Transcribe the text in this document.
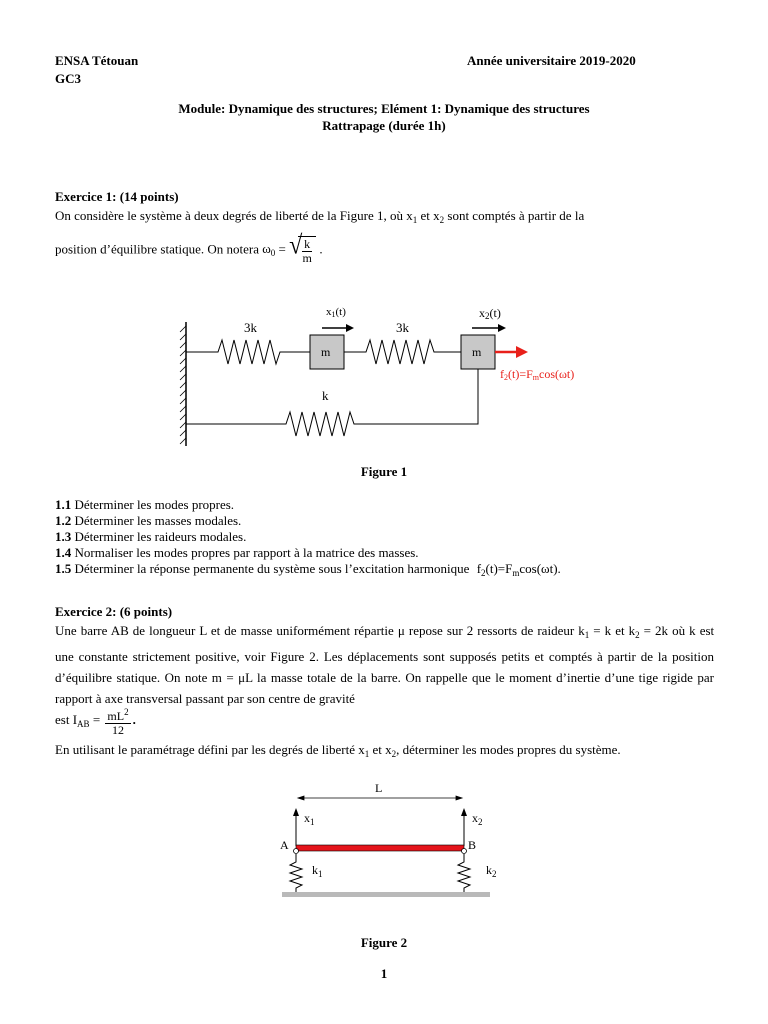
ENSA Tétouan
GC3
Année universitaire 2019-2020
Module: Dynamique des structures; Elément 1: Dynamique des structures
Rattrapage (durée 1h)
Exercice 1: (14 points)
On considère le système à deux degrés de liberté de la Figure 1, où $x_1$ et $x_2$ sont comptés à partir de la
position d’équilibre statique. On notera $\omega_0$ = √ $\frac{k}{m}$ .
3k	3k
m	m
k
x1(t)	x2(t)
f2(t)=Fmcos(ωt)
Figure 1
1.1 Déterminer les modes propres.
1.2 Déterminer les masses modales.
1.3 Déterminer les raideurs modales.
1.4 Normaliser les modes propres par rapport à la matrice des masses.
1.5 Déterminer la réponse permanente du système sous l’excitation harmonique $f_2(t)=F_m\cos(\omega t)$.
Exercice 2: (6 points)
Une barre AB de longueur L et de masse uniformément répartie μ repose sur 2 ressorts de raideur $k_1 = k$ et $k_2 = 2k$ où k est une constante strictement positive, voir Figure 2. Les déplacements sont supposés petits et comptés à partir de la position d’équilibre statique. On note m = μL la masse totale de la barre. On rappelle que le moment d’inertie d’une tige rigide par rapport à axe transversal passant par son centre de gravité
est $I_{AB} = \frac{mL^2}{12}$ .
En utilisant le paramétrage défini par les degrés de liberté $x_1$ et $x_2$, déterminer les modes propres du système.
L
$x_1$	$x_2$
A	B
$k_1$	$k_2$
Figure 2
1
